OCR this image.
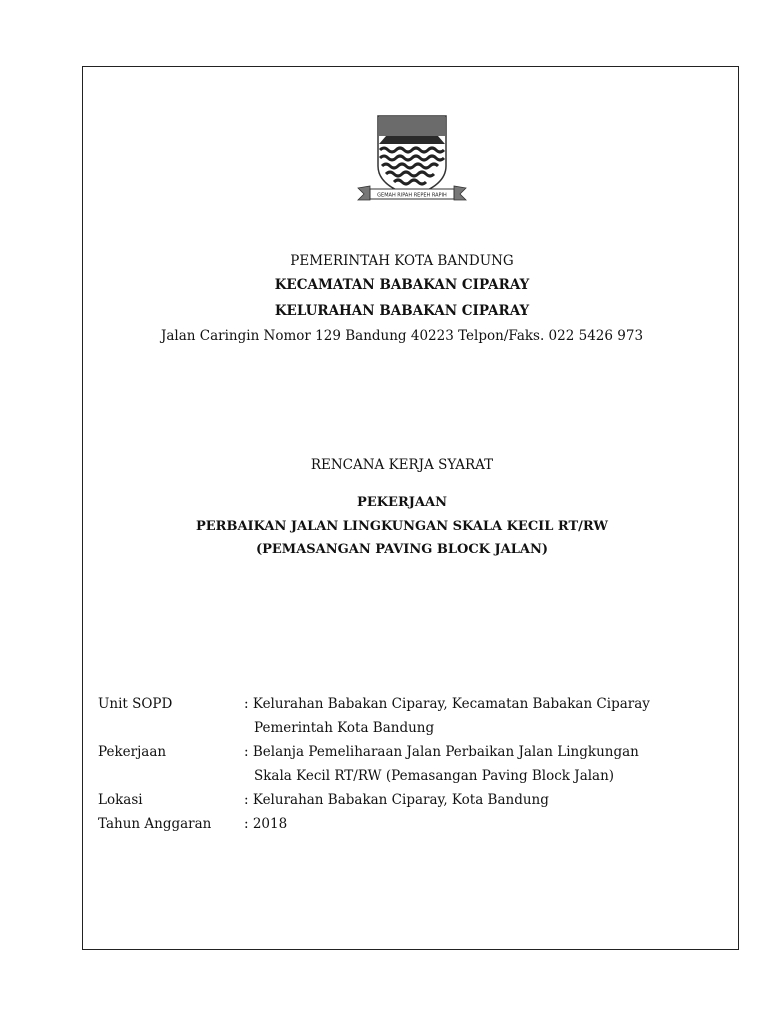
GEMAH RIPAH REPEH RAPIH
PEMERINTAH KOTA BANDUNG
KECAMATAN BABAKAN CIPARAY
KELURAHAN BABAKAN CIPARAY
Jalan Caringin Nomor 129 Bandung 40223 Telpon/Faks. 022 5426 973
RENCANA KERJA SYARAT
PEKERJAAN
PERBAIKAN JALAN LINGKUNGAN SKALA KECIL RT/RW
(PEMASANGAN PAVING BLOCK JALAN)
Unit SOPD	: Kelurahan Babakan Ciparay, Kecamatan Babakan Ciparay
Pemerintah Kota Bandung
Pekerjaan	: Belanja Pemeliharaan Jalan Perbaikan Jalan Lingkungan
Skala Kecil RT/RW (Pemasangan Paving Block Jalan)
Lokasi	: Kelurahan Babakan Ciparay, Kota Bandung
Tahun Anggaran : 2018
